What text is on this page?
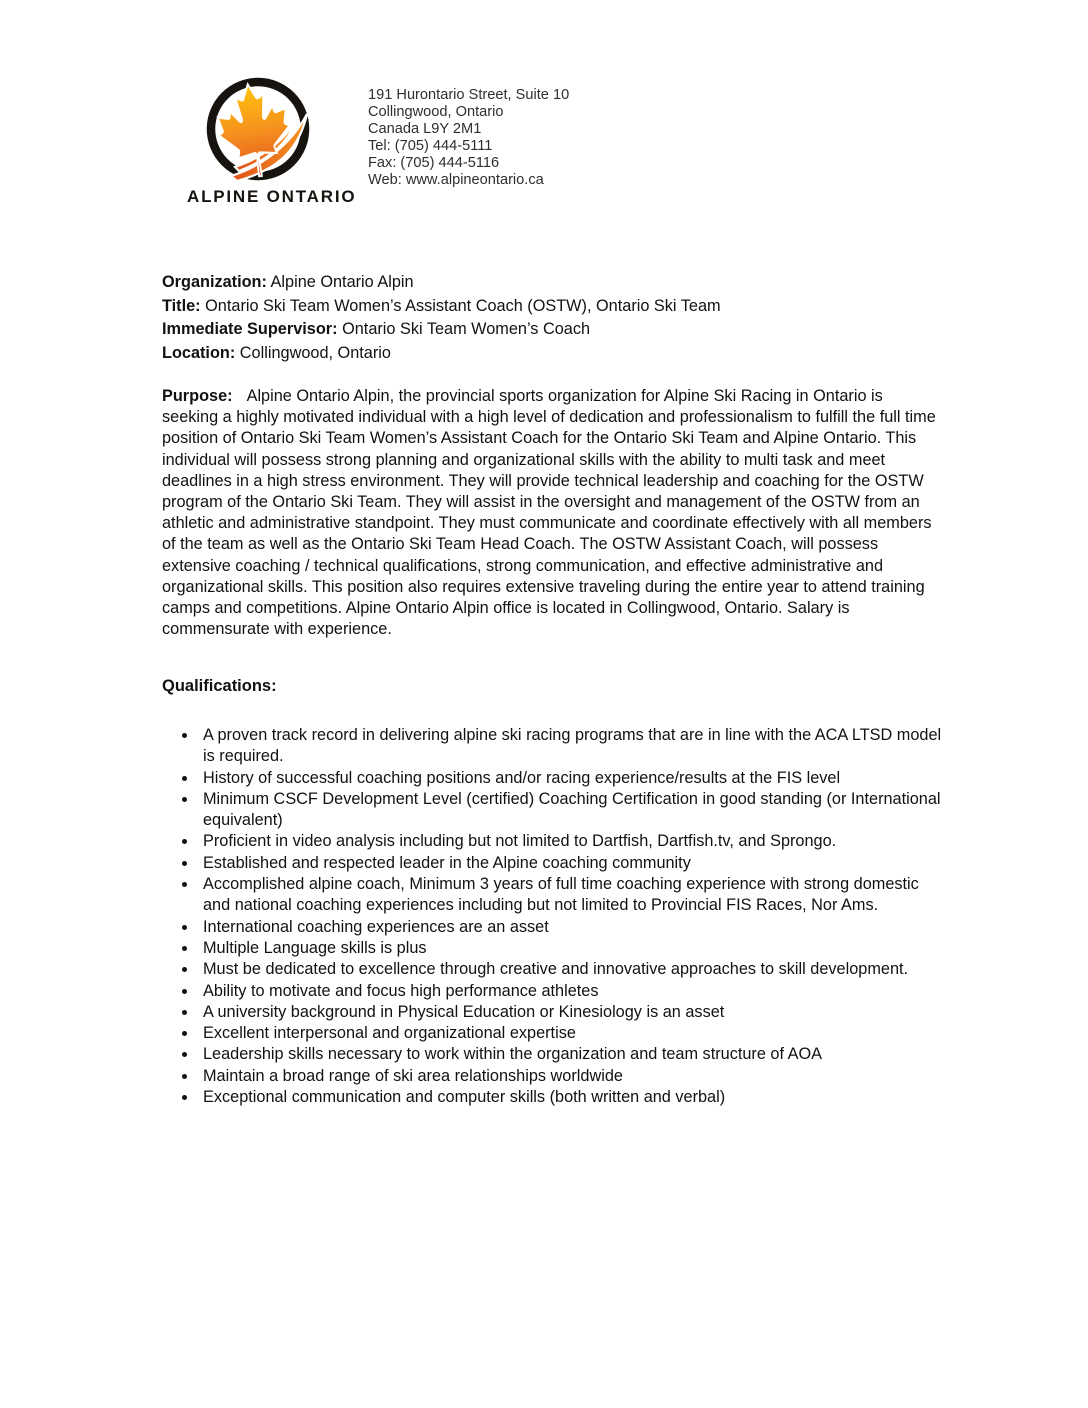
ALPINE ONTARIO
191 Hurontario Street, Suite 10
Collingwood, Ontario
Canada L9Y 2M1
Tel: (705) 444-5111
Fax: (705) 444-5116
Web: www.alpineontario.ca
Organization: Alpine Ontario Alpin
Title: Ontario Ski Team Women’s Assistant Coach (OSTW), Ontario Ski Team
Immediate Supervisor: Ontario Ski Team Women’s Coach
Location: Collingwood, Ontario

Purpose: Alpine Ontario Alpin, the provincial sports organization for Alpine Ski Racing in Ontario is seeking a highly motivated individual with a high level of dedication and professionalism to fulfill the full time position of Ontario Ski Team Women’s Assistant Coach for the Ontario Ski Team and Alpine Ontario. This individual will possess strong planning and organizational skills with the ability to multi task and meet deadlines in a high stress environment. They will provide technical leadership and coaching for the OSTW program of the Ontario Ski Team. They will assist in the oversight and management of the OSTW from an athletic and administrative standpoint. They must communicate and coordinate effectively with all members of the team as well as the Ontario Ski Team Head Coach. The OSTW Assistant Coach, will possess extensive coaching / technical qualifications, strong communication, and effective administrative and organizational skills. This position also requires extensive traveling during the entire year to attend training camps and competitions. Alpine Ontario Alpin office is located in Collingwood, Ontario. Salary is commensurate with experience.

Qualifications:
A proven track record in delivering alpine ski racing programs that are in line with the ACA LTSD model is required.
History of successful coaching positions and/or racing experience/results at the FIS level
Minimum CSCF Development Level (certified) Coaching Certification in good standing (or International equivalent)
Proficient in video analysis including but not limited to Dartfish, Dartfish.tv, and Sprongo.
Established and respected leader in the Alpine coaching community
Accomplished alpine coach, Minimum 3 years of full time coaching experience with strong domestic and national coaching experiences including but not limited to Provincial FIS Races, Nor Ams.
International coaching experiences are an asset
Multiple Language skills is plus
Must be dedicated to excellence through creative and innovative approaches to skill development.
Ability to motivate and focus high performance athletes
A university background in Physical Education or Kinesiology is an asset
Excellent interpersonal and organizational expertise
Leadership skills necessary to work within the organization and team structure of AOA
Maintain a broad range of ski area relationships worldwide
Exceptional communication and computer skills (both written and verbal)
